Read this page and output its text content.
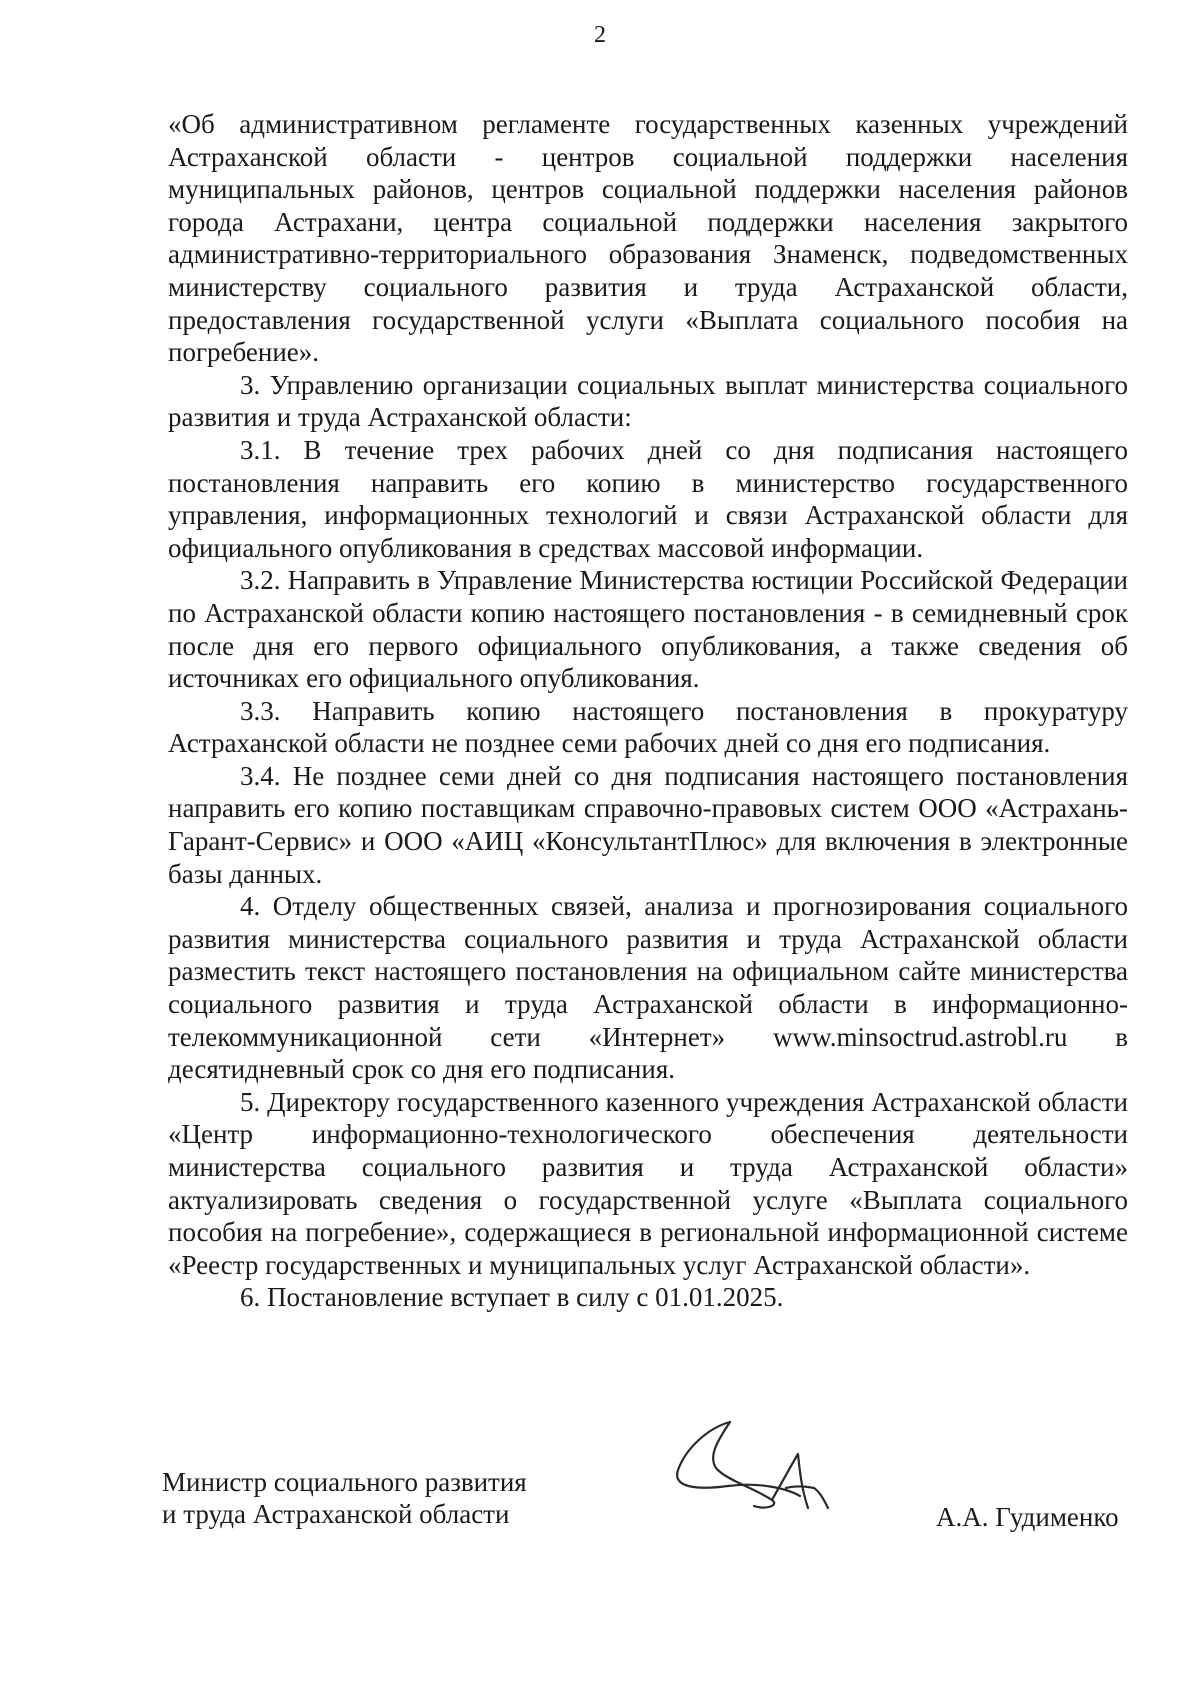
2

«Об административном регламенте государственных казенных учреждений Астраханской области - центров социальной поддержки населения муниципальных районов, центров социальной поддержки населения районов города Астрахани, центра социальной поддержки населения закрытого административно-территориального образования Знаменск, подведомственных министерству социального развития и труда Астраханской области, предоставления государственной услуги «Выплата социального пособия на погребение».

3. Управлению организации социальных выплат министерства социального развития и труда Астраханской области:

3.1. В течение трех рабочих дней со дня подписания настоящего постановления направить его копию в министерство государственного управления, информационных технологий и связи Астраханской области для официального опубликования в средствах массовой информации.

3.2. Направить в Управление Министерства юстиции Российской Федерации по Астраханской области копию настоящего постановления - в семидневный срок после дня его первого официального опубликования, а также сведения об источниках его официального опубликования.

3.3. Направить копию настоящего постановления в прокуратуру Астраханской области не позднее семи рабочих дней со дня его подписания.

3.4. Не позднее семи дней со дня подписания настоящего постановления направить его копию поставщикам справочно-правовых систем ООО «Астрахань-Гарант-Сервис» и ООО «АИЦ «КонсультантПлюс» для включения в электронные базы данных.

4. Отделу общественных связей, анализа и прогнозирования социального развития министерства социального развития и труда Астраханской области разместить текст настоящего постановления на официальном сайте министерства социального развития и труда Астраханской области в информационно-телекоммуникационной сети «Интернет» www.minsoctrud.astrobl.ru в десятидневный срок со дня его подписания.

5. Директору государственного казенного учреждения Астраханской области «Центр информационно-технологического обеспечения деятельности министерства социального развития и труда Астраханской области» актуализировать сведения о государственной услуге «Выплата социального пособия на погребение», содержащиеся в региональной информационной системе «Реестр государственных и муниципальных услуг Астраханской области».

6. Постановление вступает в силу с 01.01.2025.

Министр социального развития
и труда Астраханской области	А.А. Гудименко
